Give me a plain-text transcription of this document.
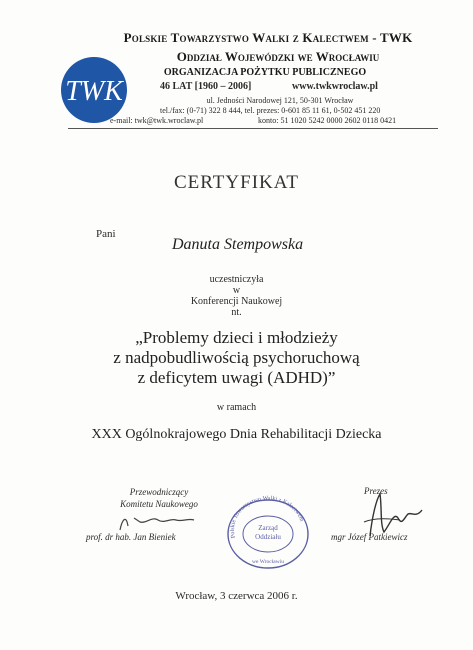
TWK
Polskie Towarzystwo Walki z Kalectwem - TWK
Oddział Wojewódzki we Wrocławiu
ORGANIZACJA POŻYTKU PUBLICZNEGO
46 LAT [1960 – 2006]	www.twkwroclaw.pl
ul. Jedności Narodowej 121, 50-301 Wrocław
tel./fax: (0-71) 322 8 444, tel. prezes: 0-601 85 11 61, 0-502 451 220
e-mail: twk@twk.wroclaw.pl	konto: 51 1020 5242 0000 2602 0118 0421
CERTYFIKAT
Pani
Danuta Stempowska
uczestniczyła
w
Konferencji Naukowej
nt.
„Problemy dzieci i młodzieży
z nadpobudliwością psychoruchową
z deficytem uwagi (ADHD)”
w ramach
XXX Ogólnokrajowego Dnia Rehabilitacji Dziecka
Przewodniczący
Komitetu Naukowego
prof. dr hab. Jan Bieniek	Polskie Towarzystwo Walki z Kalectwem
Zarząd
Oddziału
we Wrocławiu
Prezes
mgr Józef Patkiewicz
Wrocław, 3 czerwca 2006 r.
